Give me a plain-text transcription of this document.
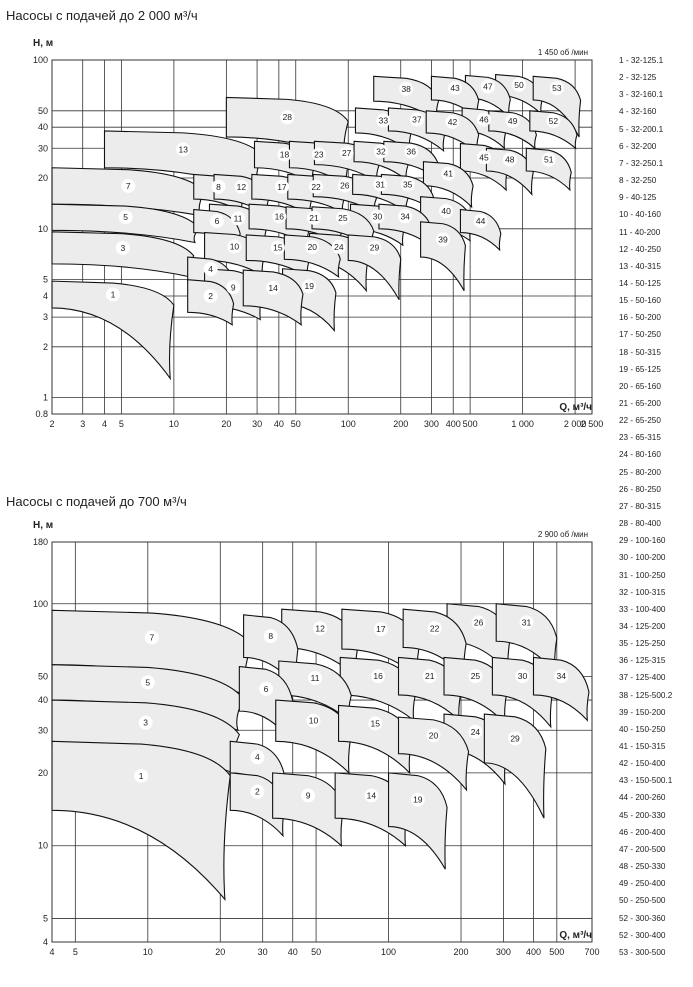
Насосы с подачей до 2 000 м³/ч
Насосы с подачей до 700 м³/ч
2	3 4 5	10	20 30 40 50	100	200 300 400 500	1 000	2 000
2 500
0.8
1
2
3
4
5
10
20
30
40
50
100
H, м
Q, м³/ч
1 450 об /мин
1
3
5
7
2
4
6
8
9
10
11
12
13
14
15
16
17
18
19
20
21
22
23
24
25
26
27
28
29
30
31
32
33
34
35
36
37
38
39
40
41
42
43
44
45
46
47
48
49
50
51
52
53
4 5	10	20	30 40 50	100	200	300 400 500 700
4
5
10
20
30
40
50
100
180
H, м
Q, м³/ч
2 900 об /мин
1
3
5
7
2
4
6
8
9
10
11
12
14
15
16
17
19
20
21
22
24
25
26
29
30
31
34
1 - 32-125.1
2 - 32-125
3 - 32-160.1
4 - 32-160
5 - 32-200.1
6 - 32-200
7 - 32-250.1
8 - 32-250
9 - 40-125
10 - 40-160
11 - 40-200
12 - 40-250
13 - 40-315
14 - 50-125
15 - 50-160
16 - 50-200
17 - 50-250
18 - 50-315
19 - 65-125
20 - 65-160
21 - 65-200
22 - 65-250
23 - 65-315
24 - 80-160
25 - 80-200
26 - 80-250
27 - 80-315
28 - 80-400
29 - 100-160
30 - 100-200
31 - 100-250
32 - 100-315
33 - 100-400
34 - 125-200
35 - 125-250
36 - 125-315
37 - 125-400
38 - 125-500.2
39 - 150-200
40 - 150-250
41 - 150-315
42 - 150-400
43 - 150-500.1
44 - 200-260
45 - 200-330
46 - 200-400
47 - 200-500
48 - 250-330
49 - 250-400
50 - 250-500
52 - 300-360
52 - 300-400
53 - 300-500
